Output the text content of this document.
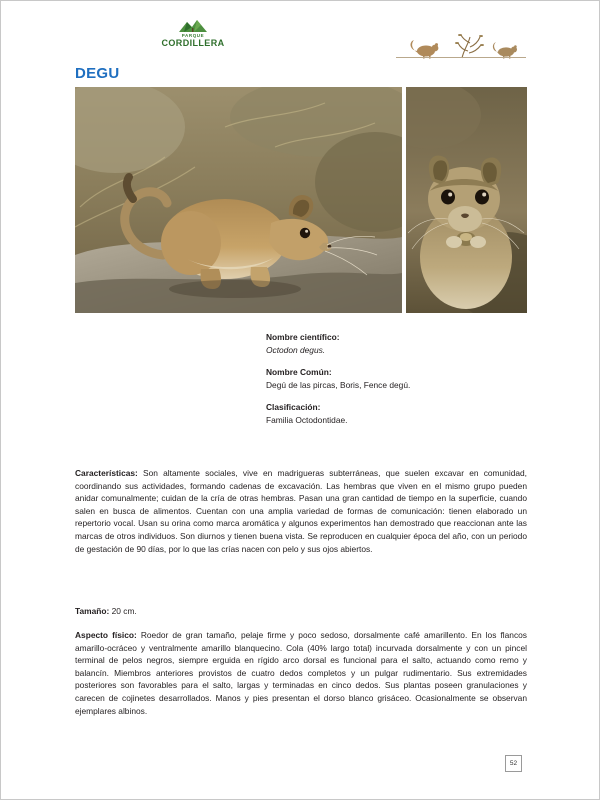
PARQUE
CORDILLERA
DEGU
Nombre científico:
Octodon degus.
Nombre Común:
Degú de las pircas, Boris, Fence degú.
Clasificación:
Familia Octodontidae.
Características: Son altamente sociales, vive en madrigueras subterráneas, que suelen excavar en comunidad, coordinando sus actividades, formando cadenas de excavación. Las hembras que viven en el mismo grupo pueden anidar comunalmente; cuidan de la cría de otras hembras. Pasan una gran cantidad de tiempo en la superficie, cuando salen en busca de alimentos. Cuentan con una amplia variedad de formas de comunicación: tienen elaborado un repertorio vocal. Usan su orina como marca aromática y algunos experimentos han demostrado que reaccionan ante las marcas de otros individuos. Son diurnos y tienen buena vista. Se reproducen en cualquier época del año, con un periodo de gestación de 90 días, por lo que las crías nacen con pelo y sus ojos abiertos.
Tamaño: 20 cm.
Aspecto físico: Roedor de gran tamaño, pelaje firme y poco sedoso, dorsalmente café amarillento. En los flancos amarillo-ocráceo y ventralmente amarillo blanquecino. Cola (40% largo total) incurvada dorsalmente y con un pincel terminal de pelos negros, siempre erguida en rígido arco dorsal es funcional para el salto, actuando como remo y balancín. Miembros anteriores provistos de cuatro dedos completos y un pulgar rudimentario. Sus extremidades posteriores son favorables para el salto, largas y terminadas en cinco dedos. Sus plantas poseen granulaciones y carecen de cojinetes desarrollados. Manos y pies presentan el dorso blanco grisáceo. Ocasionalmente se observan ejemplares albinos.
52
